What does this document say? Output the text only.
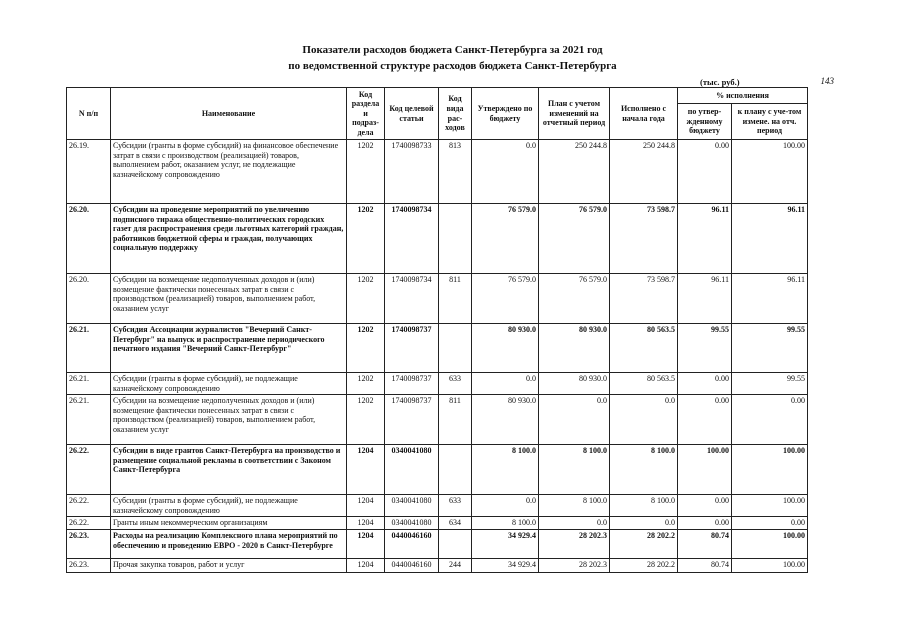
Показатели расходов бюджета Санкт-Петербурга за 2021 год
по ведомственной структуре расходов бюджета Санкт-Петербурга
(тыс. руб.)	143
N п/п	Наименование	Код раздела и подраз-дела	Код целевой статьи	Код вида рас-ходов	Утверждено по бюджету	План с учетом изменений на отчетный период	Исполнено с начала года	% исполнения	
								по утвер-жденному бюджету	к плану с уче-том измене. на отч. период
26.19.	Субсидии (гранты в форме субсидий) на финансовое обеспечение затрат в связи с производством (реализацией) товаров, выполнением работ, оказанием услуг, не подлежащие казначейскому сопровождению	1202	1740098733	813	0.0	250 244.8	250 244.8	0.00	100.00
26.20.	Субсидии на проведение мероприятий по увеличению подписного тиража общественно-политических городских газет для распространения среди льготных категорий граждан, работников бюджетной сферы и граждан, получающих социальную поддержку	1202	1740098734		76 579.0	76 579.0	73 598.7	96.11	96.11
26.20.	Субсидии на возмещение недополученных доходов и (или) возмещение фактически понесенных затрат в связи с производством (реализацией) товаров, выполнением работ, оказанием услуг	1202	1740098734	811	76 579.0	76 579.0	73 598.7	96.11	96.11
26.21.	Субсидия Ассоциации журналистов "Вечерний Санкт-Петербург" на выпуск и распространение периодического печатного издания "Вечерний Санкт-Петербург"	1202	1740098737		80 930.0	80 930.0	80 563.5	99.55	99.55
26.21.	Субсидии (гранты в форме субсидий), не подлежащие казначейскому сопровождению	1202	1740098737	633	0.0	80 930.0	80 563.5	0.00	99.55
26.21.	Субсидии на возмещение недополученных доходов и (или) возмещение фактически понесенных затрат в связи с производством (реализацией) товаров, выполнением работ, оказанием услуг	1202	1740098737	811	80 930.0	0.0	0.0	0.00	0.00
26.22.	Субсидии в виде грантов Санкт-Петербурга на производство и размещение социальной рекламы в соответствии с Законом Санкт-Петербурга	1204	0340041080		8 100.0	8 100.0	8 100.0	100.00	100.00
26.22.	Субсидии (гранты в форме субсидий), не подлежащие казначейскому сопровождению	1204	0340041080	633	0.0	8 100.0	8 100.0	0.00	100.00
26.22.	Гранты иным некоммерческим организациям	1204	0340041080	634	8 100.0	0.0	0.0	0.00	0.00
26.23.	Расходы на реализацию Комплексного плана мероприятий по обеспечению и проведению ЕВРО - 2020 в Санкт-Петербурге	1204	0440046160		34 929.4	28 202.3	28 202.2	80.74	100.00
26.23.	Прочая закупка товаров, работ и услуг	1204	0440046160	244	34 929.4	28 202.3	28 202.2	80.74	100.00
